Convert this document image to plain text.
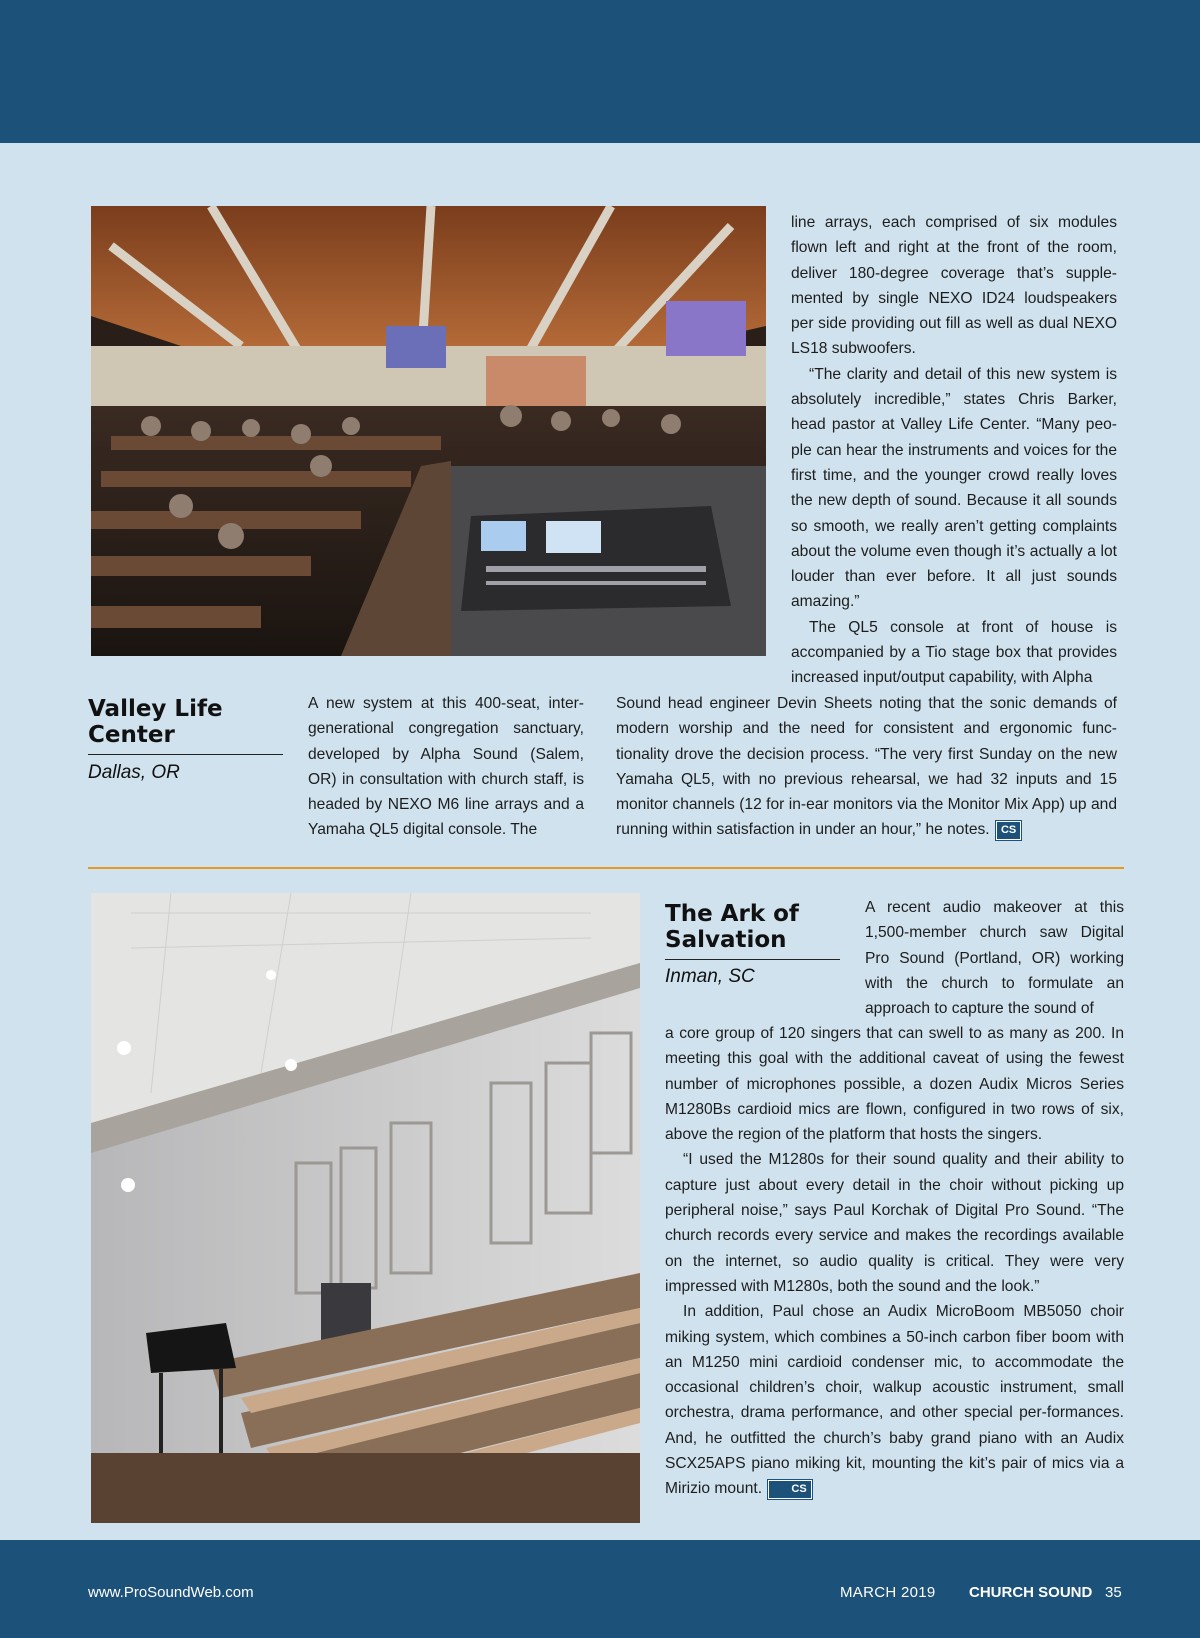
line arrays, each comprised of six modules flown left and right at the front of the room, deliver 180-degree coverage that’s supple-mented by single NEXO ID24 loudspeakers per side providing out fill as well as dual NEXO LS18 subwoofers.

“The clarity and detail of this new system is absolutely incredible,” states Chris Barker, head pastor at Valley Life Center. “Many peo-ple can hear the instruments and voices for the first time, and the younger crowd really loves the new depth of sound. Because it all sounds so smooth, we really aren’t getting complaints about the volume even though it’s actually a lot louder than ever before. It all just sounds amazing.”

The QL5 console at front of house is accompanied by a Tio stage box that provides increased input/output capability, with Alpha

Valley Life Center
Dallas, OR

A new system at this 400-seat, inter-generational congregation sanctuary, developed by Alpha Sound (Salem, OR) in consultation with church staff, is headed by NEXO M6 line arrays and a Yamaha QL5 digital console. The

Sound head engineer Devin Sheets noting that the sonic demands of modern worship and the need for consistent and ergonomic func-tionality drove the decision process. “The very first Sunday on the new Yamaha QL5, with no previous rehearsal, we had 32 inputs and 15 monitor channels (12 for in-ear monitors via the Monitor Mix App) up and running within satisfaction in under an hour,” he notes. CS

The Ark of Salvation
Inman, SC

A recent audio makeover at this 1,500-member church saw Digital Pro Sound (Portland, OR) working with the church to formulate an approach to capture the sound of

a core group of 120 singers that can swell to as many as 200. In meeting this goal with the additional caveat of using the fewest number of microphones possible, a dozen Audix Micros Series M1280Bs cardioid mics are flown, configured in two rows of six, above the region of the platform that hosts the singers.

“I used the M1280s for their sound quality and their ability to capture just about every detail in the choir without picking up peripheral noise,” says Paul Korchak of Digital Pro Sound. “The church records every service and makes the recordings available on the internet, so audio quality is critical. They were very impressed with M1280s, both the sound and the look.”

In addition, Paul chose an Audix MicroBoom MB5050 choir miking system, which combines a 50-inch carbon fiber boom with an M1250 mini cardioid condenser mic, to accommodate the occasional children’s choir, walkup acoustic instrument, small orchestra, drama performance, and other special per-formances. And, he outfitted the church’s baby grand piano with an Audix SCX25APS piano miking kit, mounting the kit’s pair of mics via a Mirizio mount.	CS

www.ProSoundWeb.com	MARCH 2019 CHURCH SOUND 35
